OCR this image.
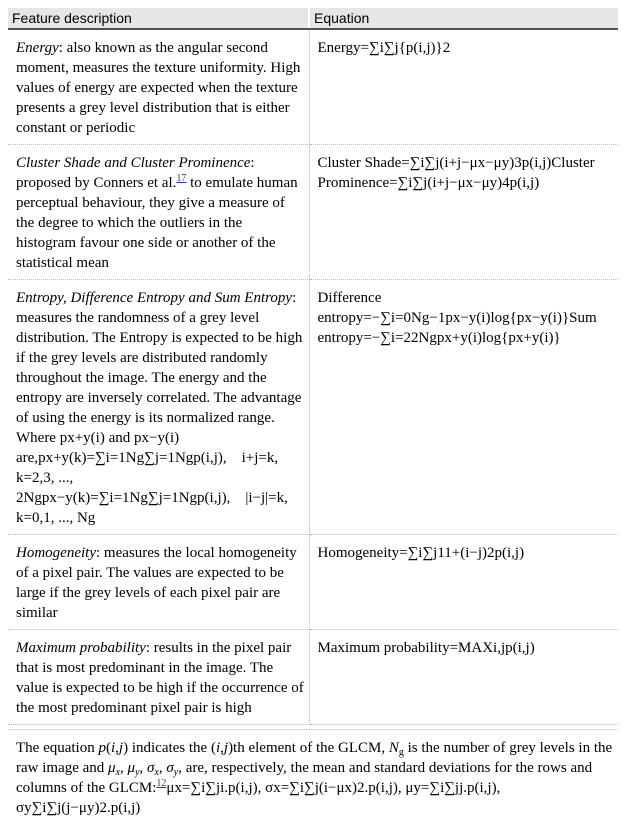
Feature description	Equation
Energy: also known as the angular second moment, measures the texture uniformity. High values of energy are expected when the texture presents a grey level distribution that is either constant or periodic	Energy=∑i∑j{p(i,j)}2
Cluster Shade and Cluster Prominence: proposed by Conners et al.$^{17}$ to emulate human perceptual behaviour, they give a measure of the degree to which the outliers in the histogram favour one side or another of the statistical mean	Cluster Shade=∑i∑j(i+j−μx−μy)3p(i,j)Cluster Prominence=∑i∑j(i+j−μx−μy)4p(i,j)
Entropy, Difference Entropy and Sum Entropy: measures the randomness of a grey level distribution. The Entropy is expected to be high if the grey levels are distributed randomly throughout the image. The energy and the entropy are inversely correlated. The advantage of using the energy is its normalized range. Where px+y(i) and px−y(i) are,px+y(k)=∑i=1Ng∑j=1Ngp(i,j), i+j=k,
k=2,3, ...,
2Ngpx−y(k)=∑i=1Ng∑j=1Ngp(i,j), |i−j|=k,
k=0,1, ..., Ng	Difference entropy=−∑i=0Ng−1px−y(i)log{px−y(i)}Sum entropy=−∑i=22Ngpx+y(i)log{px+y(i)}
Homogeneity: measures the local homogeneity of a pixel pair. The values are expected to be large if the grey levels of each pixel pair are similar	Homogeneity=∑i∑j11+(i−j)2p(i,j)
Maximum probability: results in the pixel pair that is most predominant in the image. The value is expected to be high if the occurrence of the most predominant pixel pair is high	Maximum probability=MAXi,jp(i,j)

The equation p(i,j) indicates the (i,j)th element of the GLCM, $N_g$ is the number of grey levels in the raw image and $\mu_x$, $\mu_y$, $\sigma_x$, $\sigma_y$, are, respectively, the mean and standard deviations for the rows and columns of the GLCM:$^{12}$μx=∑i∑ji.p(i,j), σx=∑i∑j(i−μx)2.p(i,j), μy=∑i∑jj.p(i,j), σy∑i∑j(j−μy)2.p(i,j)	
